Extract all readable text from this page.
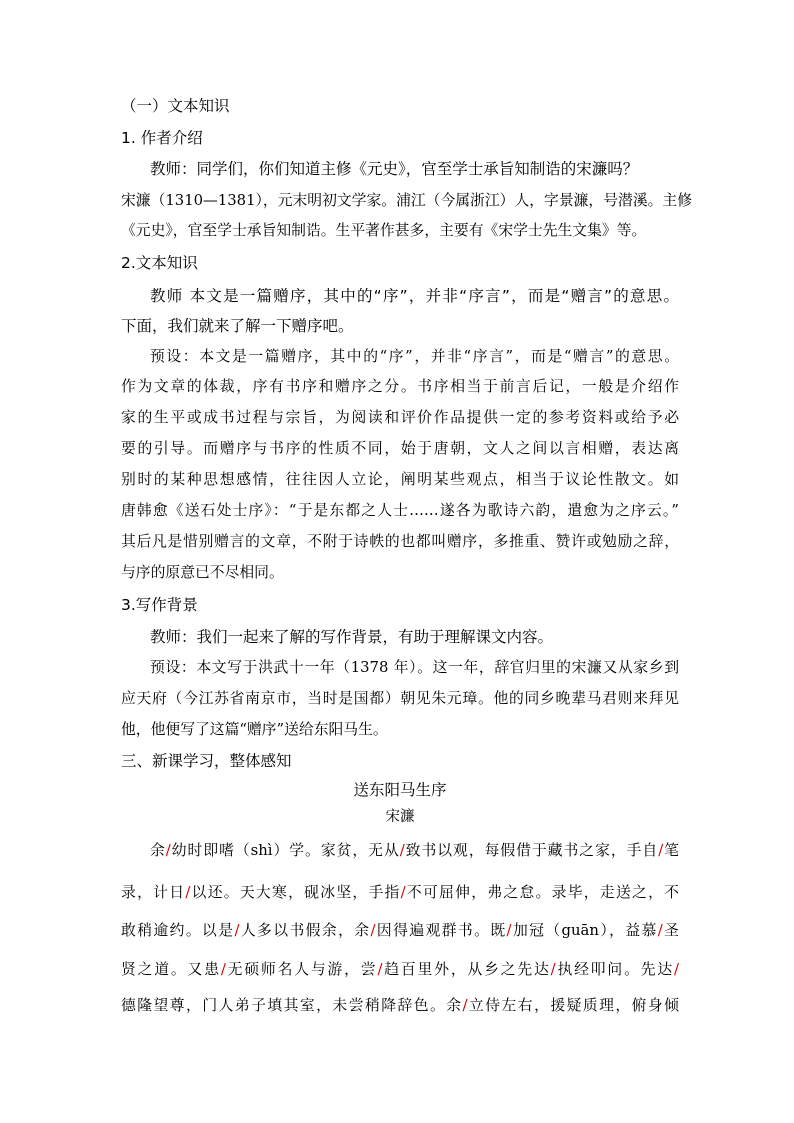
（一）文本知识
1. 作者介绍
教师：同学们，你们知道主修《元史》，官至学士承旨知制诰的宋濂吗？
宋濂（1310—1381），元末明初文学家。浦江（今属浙江）人，字景濂，号潜溪。主修
《元史》，官至学士承旨知制诰。生平著作甚多，主要有《宋学士先生文集》等。
2.文本知识
教师 本文是一篇赠序，其中的“序”，并非“序言”，而是“赠言”的意思。
下面，我们就来了解一下赠序吧。
预设：本文是一篇赠序，其中的“序”，并非“序言”，而是“赠言”的意思。
作为文章的体裁，序有书序和赠序之分。书序相当于前言后记，一般是介绍作
家的生平或成书过程与宗旨，为阅读和评价作品提供一定的参考资料或给予必
要的引导。而赠序与书序的性质不同，始于唐朝，文人之间以言相赠，表达离
别时的某种思想感情，往往因人立论，阐明某些观点，相当于议论性散文。如
唐韩愈《送石处士序》：“于是东都之人士……遂各为歌诗六韵，遣愈为之序云。”
其后凡是惜别赠言的文章，不附于诗帙的也都叫赠序，多推重、赞许或勉励之辞，
与序的原意已不尽相同。
3.写作背景
教师：我们一起来了解的写作背景，有助于理解课文内容。
预设：本文写于洪武十一年（1378 年）。这一年，辞官归里的宋濂又从家乡到
应天府（今江苏省南京市，当时是国都）朝见朱元璋。他的同乡晚辈马君则来拜见
他，他便写了这篇“赠序”送给东阳马生。
三、新课学习，整体感知
送东阳马生序
宋濂
余/幼时即嗜（shì）学。家贫，无从/致书以观，每假借于藏书之家，手自/笔
录，计日/以还。天大寒，砚冰坚，手指/不可屈伸，弗之怠。录毕，走送之，不
敢稍逾约。以是/人多以书假余，余/因得遍观群书。既/加冠（guān），益慕/圣
贤之道。又患/无硕师名人与游，尝/趋百里外，从乡之先达/执经叩问。先达/
德隆望尊，门人弟子填其室，未尝稍降辞色。余/立侍左右，援疑质理，俯身倾
